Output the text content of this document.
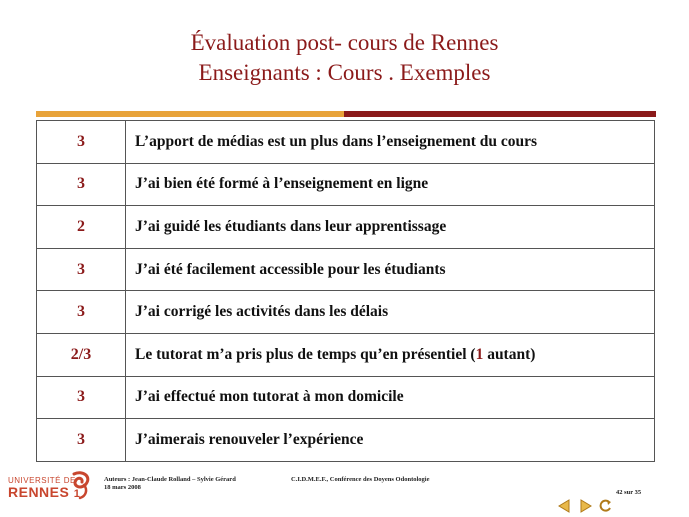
Évaluation post- cours de Rennes
Enseignants : Cours . Exemples
3	L’apport de médias est un plus dans l’enseignement du cours
3	J’ai bien été formé à l’enseignement en ligne
2	J’ai guidé les étudiants dans leur apprentissage
3	J’ai été facilement accessible pour les étudiants
3	J’ai corrigé les activités dans les délais
2/3	Le tutorat m’a pris plus de temps qu’en présentiel (1 autant)
3	J’ai effectué mon tutorat à mon domicile
3	J’aimerais renouveler l’expérience
UNIVERSITÉ DE
RENNES 1
Auteurs : Jean-Claude Rolland – Sylvie Gérard
18 mars 2008
C.I.D.M.E.F., Conférence des Doyens Odontologie
42 sur 35
